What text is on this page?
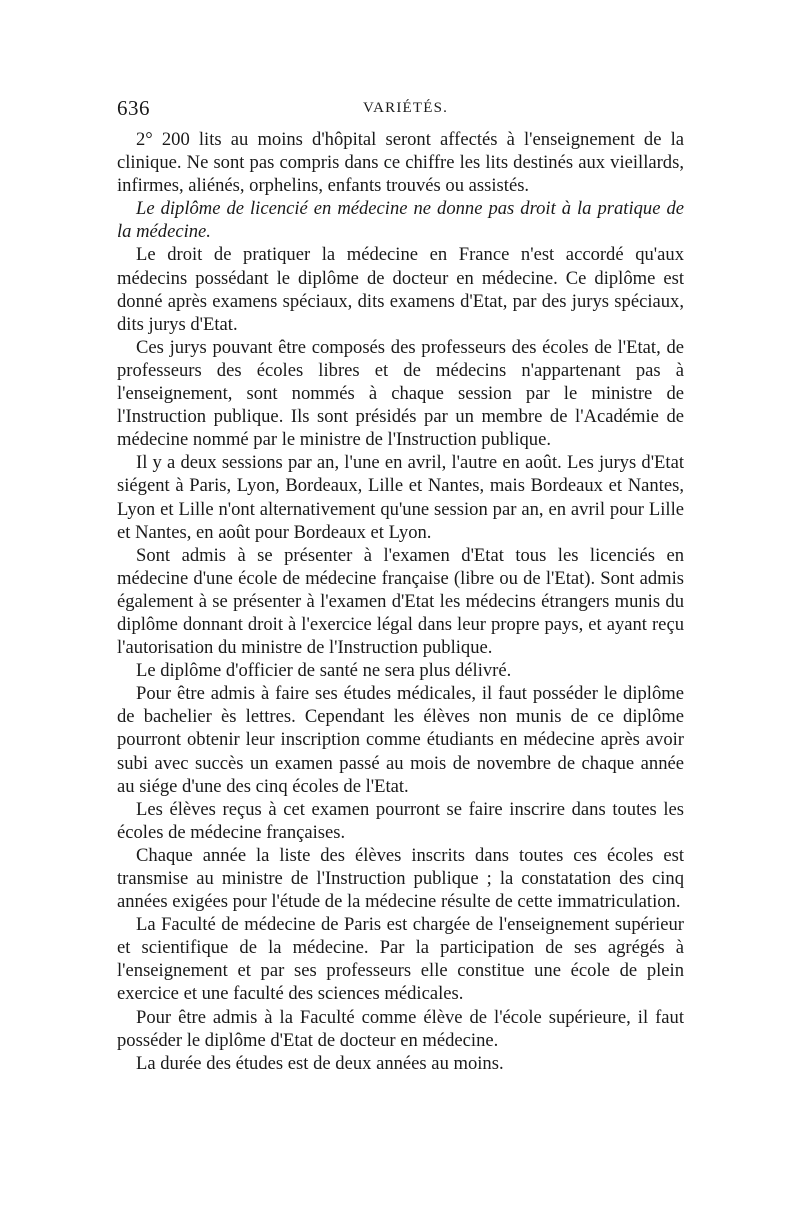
636	VARIÉTÉS.

2° 200 lits au moins d'hôpital seront affectés à l'enseignement de la clinique. Ne sont pas compris dans ce chiffre les lits destinés aux vieillards, infirmes, aliénés, orphelins, enfants trouvés ou assistés.

Le diplôme de licencié en médecine ne donne pas droit à la pratique de la médecine.

Le droit de pratiquer la médecine en France n'est accordé qu'aux médecins possédant le diplôme de docteur en médecine. Ce diplôme est donné après examens spéciaux, dits examens d'Etat, par des jurys spéciaux, dits jurys d'Etat.

Ces jurys pouvant être composés des professeurs des écoles de l'Etat, de professeurs des écoles libres et de médecins n'appartenant pas à l'enseignement, sont nommés à chaque session par le ministre de l'Instruction publique. Ils sont présidés par un membre de l'Académie de médecine nommé par le ministre de l'Instruction publique.

Il y a deux sessions par an, l'une en avril, l'autre en août. Les jurys d'Etat siégent à Paris, Lyon, Bordeaux, Lille et Nantes, mais Bordeaux et Nantes, Lyon et Lille n'ont alternativement qu'une session par an, en avril pour Lille et Nantes, en août pour Bordeaux et Lyon.

Sont admis à se présenter à l'examen d'Etat tous les licenciés en médecine d'une école de médecine française (libre ou de l'Etat). Sont admis également à se présenter à l'examen d'Etat les médecins étrangers munis du diplôme donnant droit à l'exercice légal dans leur propre pays, et ayant reçu l'autorisation du ministre de l'Instruction publique.

Le diplôme d'officier de santé ne sera plus délivré.

Pour être admis à faire ses études médicales, il faut posséder le diplôme de bachelier ès lettres. Cependant les élèves non munis de ce diplôme pourront obtenir leur inscription comme étudiants en médecine après avoir subi avec succès un examen passé au mois de novembre de chaque année au siége d'une des cinq écoles de l'Etat.

Les élèves reçus à cet examen pourront se faire inscrire dans toutes les écoles de médecine françaises.

Chaque année la liste des élèves inscrits dans toutes ces écoles est transmise au ministre de l'Instruction publique ; la constatation des cinq années exigées pour l'étude de la médecine résulte de cette immatriculation.

La Faculté de médecine de Paris est chargée de l'enseignement supérieur et scientifique de la médecine. Par la participation de ses agrégés à l'enseignement et par ses professeurs elle constitue une école de plein exercice et une faculté des sciences médicales.

Pour être admis à la Faculté comme élève de l'école supérieure, il faut posséder le diplôme d'Etat de docteur en médecine.

La durée des études est de deux années au moins.
